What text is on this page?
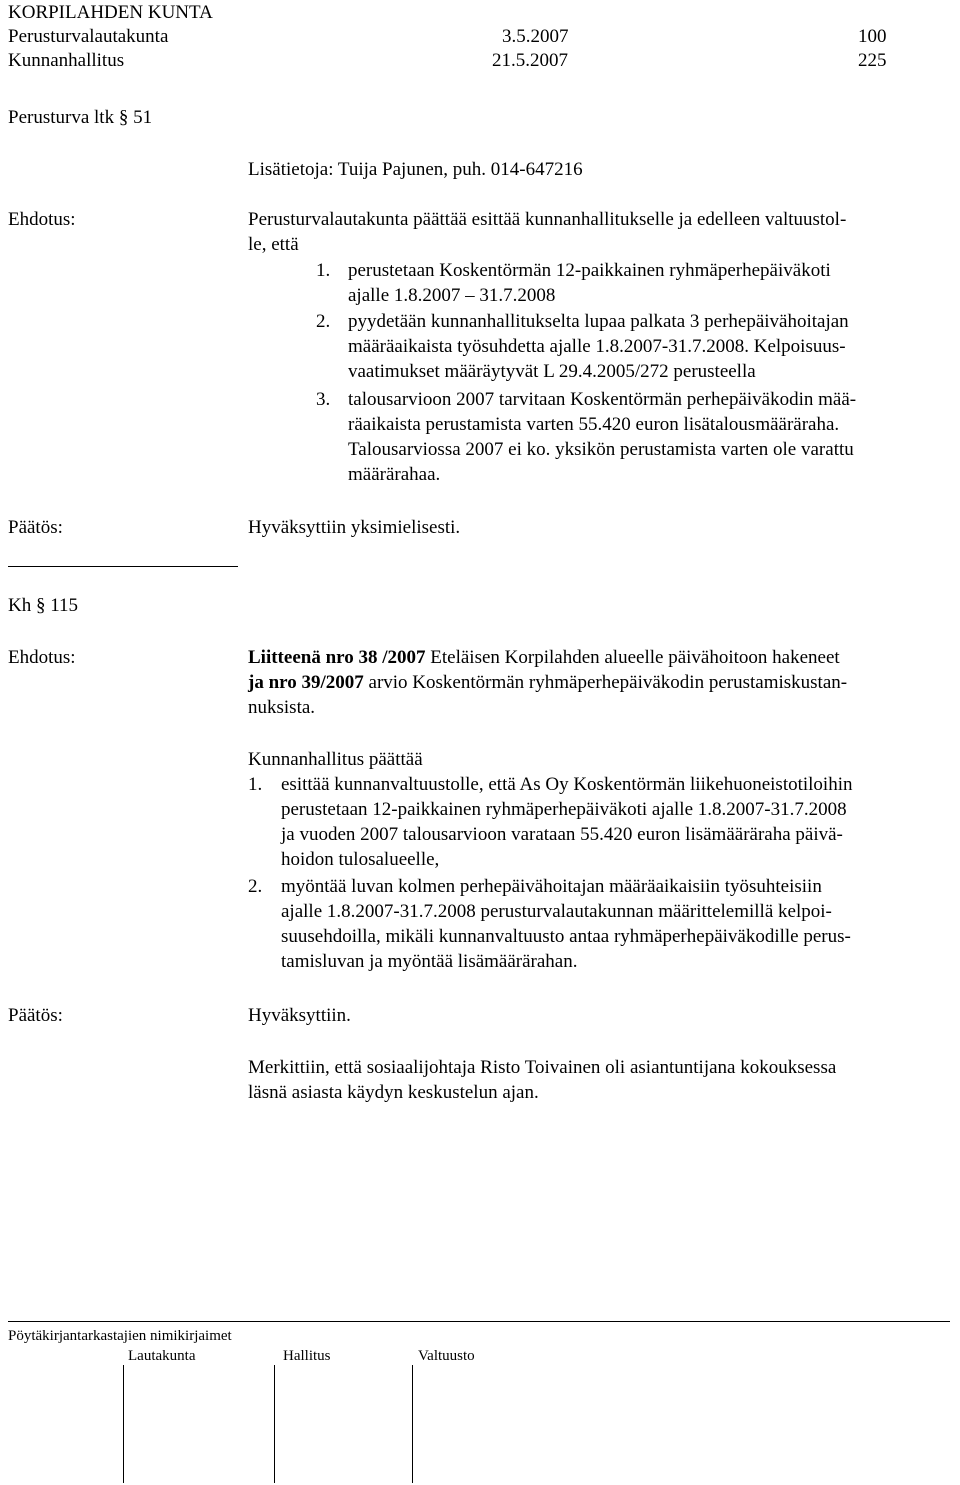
KORPILAHDEN KUNTA
Perusturvalautakunta	3.5.2007	100
Kunnanhallitus	21.5.2007	225
Perusturva ltk § 51
Lisätietoja: Tuija Pajunen, puh. 014-647216
Ehdotus:	Perusturvalautakunta päättää esittää kunnanhallitukselle ja edelleen valtuustol-
le, että
1. perustetaan Koskentörmän 12-paikkainen ryhmäperhepäiväkoti
ajalle 1.8.2007 – 31.7.2008
2. pyydetään kunnanhallitukselta lupaa palkata 3 perhepäivähoitajan
määräaikaista työsuhdetta ajalle 1.8.2007-31.7.2008. Kelpoisuus-
vaatimukset määräytyvät L 29.4.2005/272 perusteella
3. talousarvioon 2007 tarvitaan Koskentörmän perhepäiväkodin mää-
räaikaista perustamista varten 55.420 euron lisätalousmääräraha.
Talousarviossa 2007 ei ko. yksikön perustamista varten ole varattu
määrärahaa.
Päätös:	Hyväksyttiin yksimielisesti.
Kh § 115
Ehdotus:	Liitteenä nro 38 /2007 Eteläisen Korpilahden alueelle päivähoitoon hakeneet
ja nro 39/2007 arvio Koskentörmän ryhmäperhepäiväkodin perustamiskustan-
nuksista.
Kunnanhallitus päättää
1. esittää kunnanvaltuustolle, että As Oy Koskentörmän liikehuoneistotiloihin
perustetaan 12-paikkainen ryhmäperhepäiväkoti ajalle 1.8.2007-31.7.2008
ja vuoden 2007 talousarvioon varataan 55.420 euron lisämääräraha päivä-
hoidon tulosalueelle,
2. myöntää luvan kolmen perhepäivähoitajan määräaikaisiin työsuhteisiin
ajalle 1.8.2007-31.7.2008 perusturvalautakunnan määrittelemillä kelpoi-
suusehdoilla, mikäli kunnanvaltuusto antaa ryhmäperhepäiväkodille perus-
tamisluvan ja myöntää lisämäärärahan.
Päätös:	Hyväksyttiin.
Merkittiin, että sosiaalijohtaja Risto Toivainen oli asiantuntijana kokouksessa
läsnä asiasta käydyn keskustelun ajan.
Pöytäkirjantarkastajien nimikirjaimet
Lautakunta	Hallitus	Valtuusto
